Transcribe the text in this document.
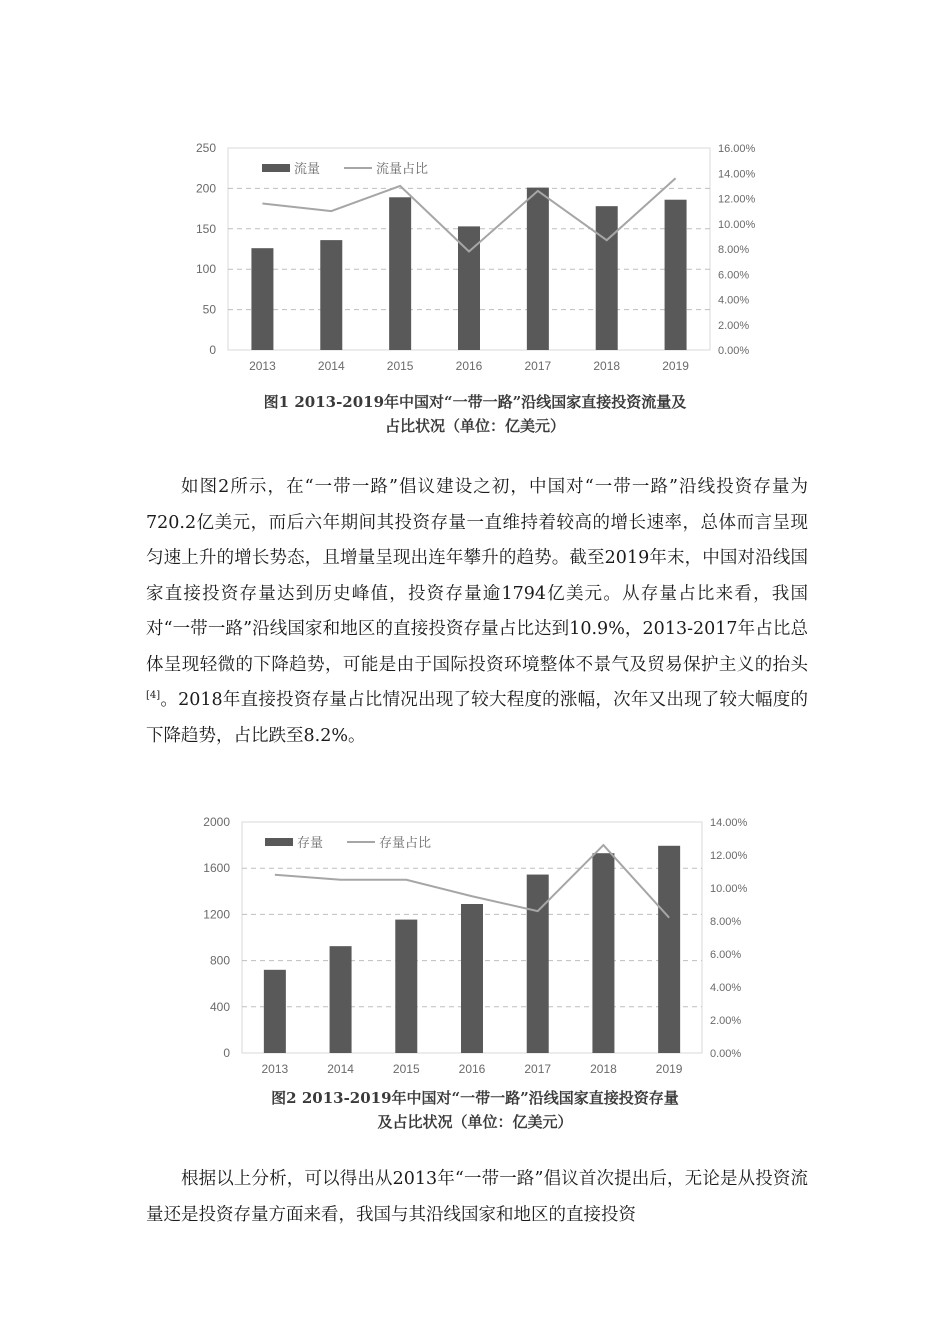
0
50
100
150
200
250
0.00%
2.00%
4.00%
6.00%
8.00%
10.00%
12.00%
14.00%
16.00%
2013	2014	2015	2016	2017	2018	2019
流量	流量占比
图1 2013-2019年中国对“一带一路”沿线国家直接投资流量及
占比状况（单位：亿美元）

如图2所示，在“一带一路”倡议建设之初，中国对“一带一路”沿线投资存量为720.2亿美元，而后六年期间其投资存量一直维持着较高的增长速率，总体而言呈现匀速上升的增长势态，且增量呈现出连年攀升的趋势。截至2019年末，中国对沿线国家直接投资存量达到历史峰值，投资存量逾1794亿美元。从存量占比来看，我国对“一带一路”沿线国家和地区的直接投资存量占比达到10.9%，2013-2017年占比总体呈现轻微的下降趋势，可能是由于国际投资环境整体不景气及贸易保护主义的抬头[4]。2018年直接投资存量占比情况出现了较大程度的涨幅，次年又出现了较大幅度的下降趋势，占比跌至8.2%。

0
400
800
1200
1600
2000
0.00%
2.00%
4.00%
6.00%
8.00%
10.00%
12.00%
14.00%
2013	2014	2015	2016	2017	2018	2019
存量	存量占比
图2 2013-2019年中国对“一带一路”沿线国家直接投资存量
及占比状况（单位：亿美元）

根据以上分析，可以得出从2013年“一带一路”倡议首次提出后，无论是从投资流量还是投资存量方面来看，我国与其沿线国家和地区的直接投资
